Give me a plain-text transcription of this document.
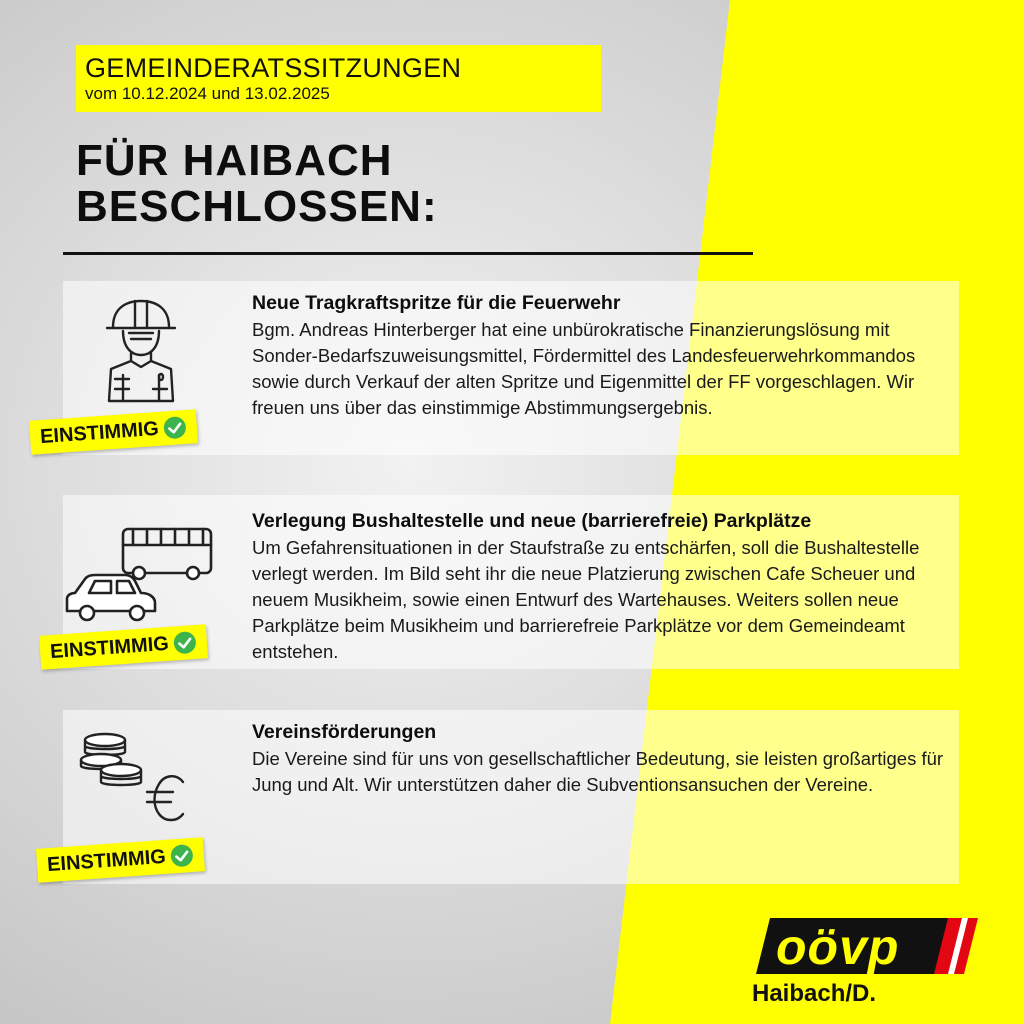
GEMEINDERATSSITZUNGEN
vom 10.12.2024 und 13.02.2025
FÜR HAIBACH
BESCHLOSSEN:
Neue Tragkraftspritze für die Feuerwehr
Bgm. Andreas Hinterberger hat eine unbürokratische Finanzierungslösung mit Sonder-Bedarfszuweisungsmittel, Fördermittel des Landesfeuerwehrkommandos sowie durch Verkauf der alten Spritze und Eigenmittel der FF vorgeschlagen. Wir freuen uns über das einstimmige Abstimmungsergebnis.
EINSTIMMIG
Verlegung Bushaltestelle und neue (barrierefreie) Parkplätze
Um Gefahrensituationen in der Staufstraße zu entschärfen, soll die Bushaltestelle verlegt werden. Im Bild seht ihr die neue Platzierung zwischen Cafe Scheuer und neuem Musikheim, sowie einen Entwurf des Wartehauses. Weiters sollen neue Parkplätze beim Musikheim und barrierefreie Parkplätze vor dem Gemeindeamt entstehen.
EINSTIMMIG
Vereinsförderungen
Die Vereine sind für uns von gesellschaftlicher Bedeutung, sie leisten großartiges für Jung und Alt. Wir unterstützen daher die Subventionsansuchen der Vereine.
EINSTIMMIG
oövp
Haibach/D.
